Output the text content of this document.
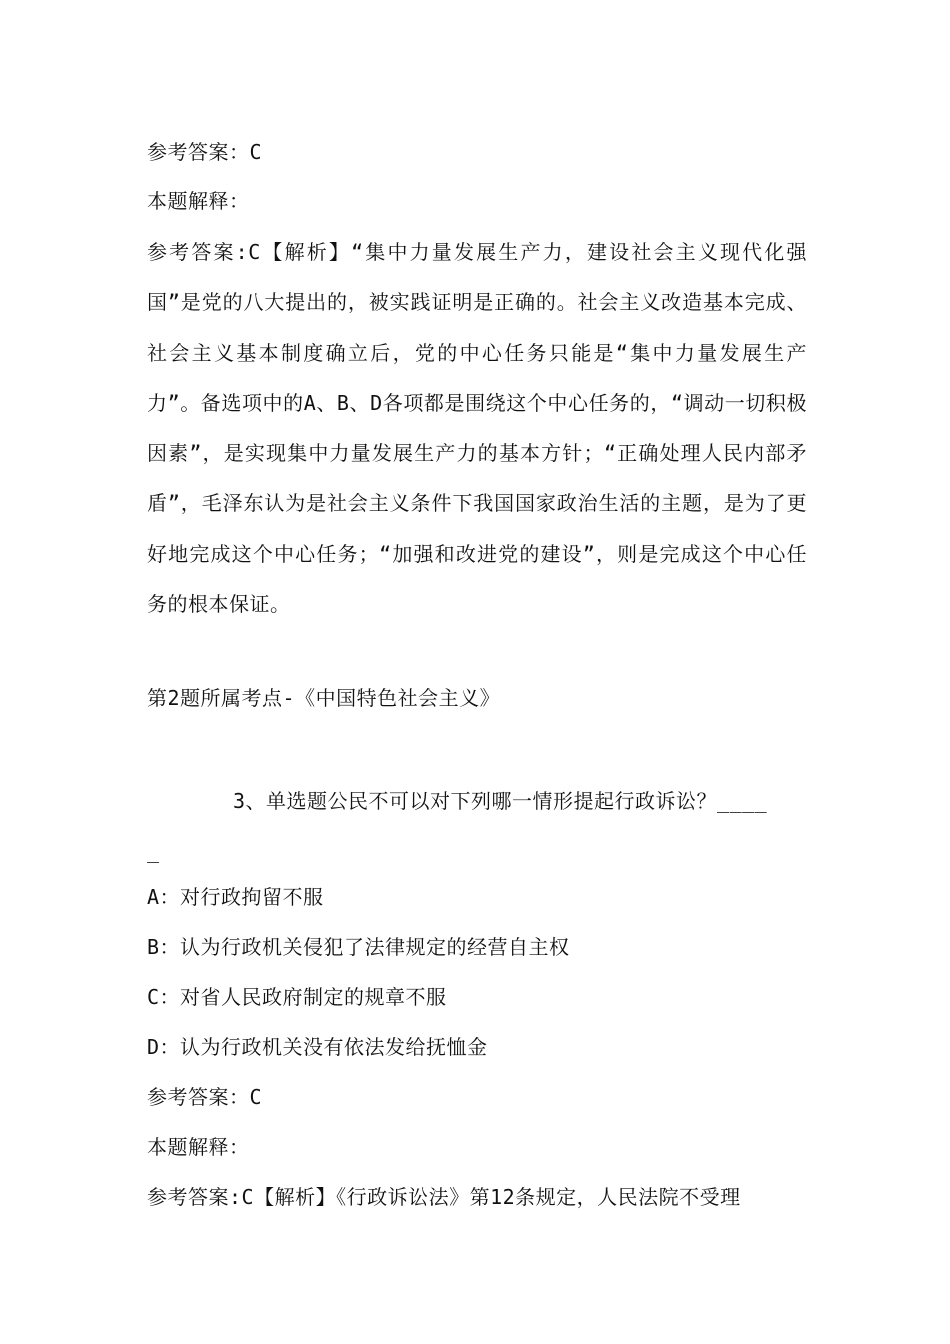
参考答案：C
本题解释：
参考答案:C【解析】“集中力量发展生产力，建设社会主义现代化强国”是党的八大提出的，被实践证明是正确的。社会主义改造基本完成、社会主义基本制度确立后，党的中心任务只能是“集中力量发展生产力”。备选项中的A、B、D各项都是围绕这个中心任务的，“调动一切积极因素”，是实现集中力量发展生产力的基本方针；“正确处理人民内部矛盾”，毛泽东认为是社会主义条件下我国国家政治生活的主题，是为了更好地完成这个中心任务；“加强和改进党的建设”，则是完成这个中心任务的根本保证。
第2题所属考点-《中国特色社会主义》
3、单选题公民不可以对下列哪一情形提起行政诉讼？____
_
A：对行政拘留不服
B：认为行政机关侵犯了法律规定的经营自主权
C：对省人民政府制定的规章不服
D：认为行政机关没有依法发给抚恤金
参考答案：C
本题解释：
参考答案:C【解析】《行政诉讼法》第12条规定，人民法院不受理
